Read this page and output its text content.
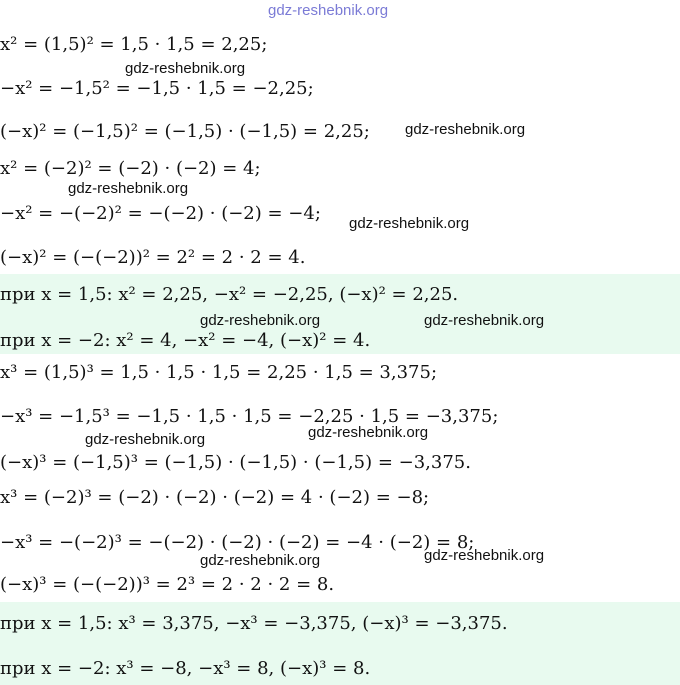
gdz-reshebnik.org
gdz-reshebnik.org
gdz-reshebnik.org
gdz-reshebnik.org
gdz-reshebnik.org
gdz-reshebnik.org	gdz-reshebnik.org
gdz-reshebnik.org	gdz-reshebnik.org
gdz-reshebnik.org	gdz-reshebnik.org
x² = (1,5)² = 1,5 · 1,5 = 2,25;
−x² = −1,5² = −1,5 · 1,5 = −2,25;
(−x)² = (−1,5)² = (−1,5) · (−1,5) = 2,25;
x² = (−2)² = (−2) · (−2) = 4;
−x² = −(−2)² = −(−2) · (−2) = −4;
(−x)² = (−(−2))² = 2² = 2 · 2 = 4.
при x = 1,5: x² = 2,25, −x² = −2,25, (−x)² = 2,25.
при x = −2: x² = 4, −x² = −4, (−x)² = 4.
x³ = (1,5)³ = 1,5 · 1,5 · 1,5 = 2,25 · 1,5 = 3,375;
−x³ = −1,5³ = −1,5 · 1,5 · 1,5 = −2,25 · 1,5 = −3,375;
(−x)³ = (−1,5)³ = (−1,5) · (−1,5) · (−1,5) = −3,375.
x³ = (−2)³ = (−2) · (−2) · (−2) = 4 · (−2) = −8;
−x³ = −(−2)³ = −(−2) · (−2) · (−2) = −4 · (−2) = 8;
(−x)³ = (−(−2))³ = 2³ = 2 · 2 · 2 = 8.
при x = 1,5: x³ = 3,375, −x³ = −3,375, (−x)³ = −3,375.
при x = −2: x³ = −8, −x³ = 8, (−x)³ = 8.
